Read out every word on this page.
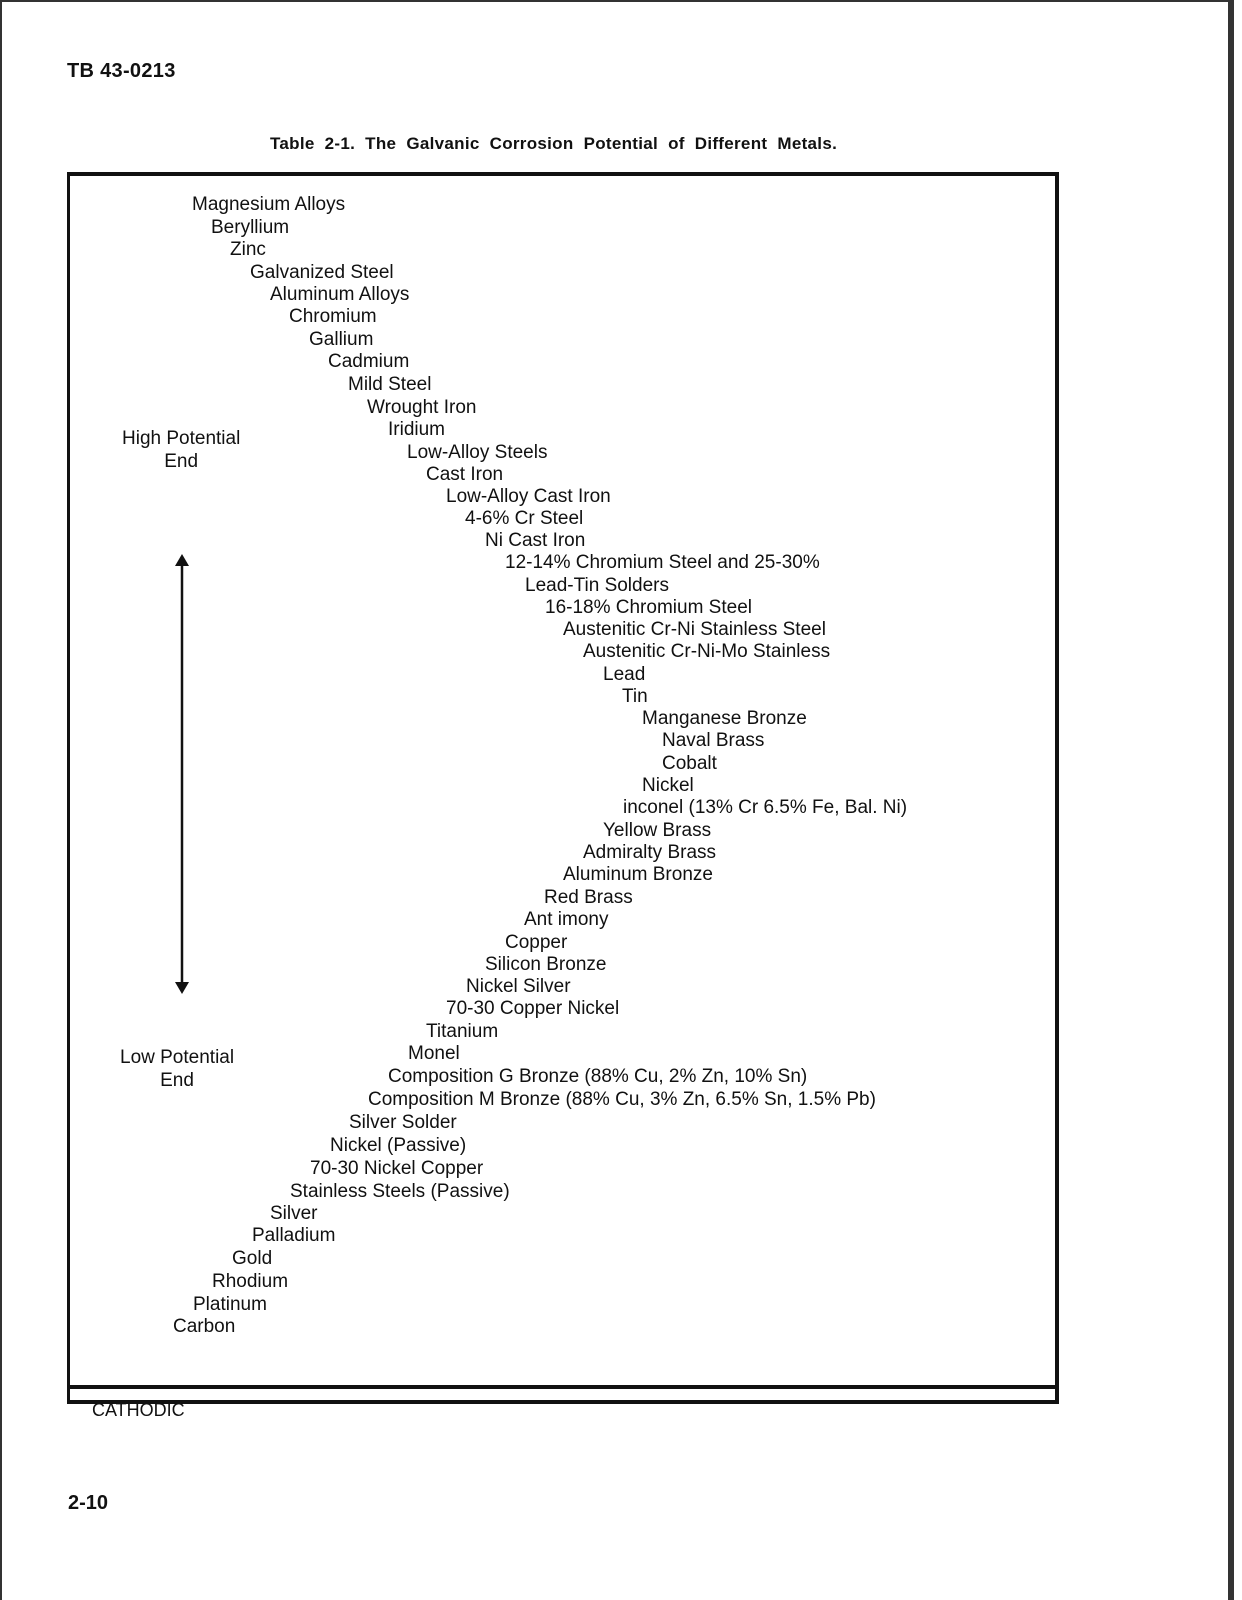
TB 43-0213
Table 2-1. The Galvanic Corrosion Potential of Different Metals.
High Potential
End
Low Potential
End
Magnesium Alloys
Beryllium
Zinc
Galvanized Steel
Aluminum Alloys
Chromium
Gallium
Cadmium
Mild Steel
Wrought Iron
Iridium
Low-Alloy Steels
Cast Iron
Low-Alloy Cast Iron
4-6% Cr Steel
Ni Cast Iron
12-14% Chromium Steel and 25-30%
Lead-Tin Solders
16-18% Chromium Steel
Austenitic Cr-Ni Stainless Steel
Austenitic Cr-Ni-Mo Stainless
Lead
Tin
Manganese Bronze
Naval Brass
Cobalt
Nickel
inconel (13% Cr 6.5% Fe, Bal. Ni)
Yellow Brass
Admiralty Brass
Aluminum Bronze
Red Brass
Ant imony
Copper
Silicon Bronze
Nickel Silver
70-30 Copper Nickel
Titanium
Monel
Composition G Bronze (88% Cu, 2% Zn, 10% Sn)
Composition M Bronze (88% Cu, 3% Zn, 6.5% Sn, 1.5% Pb)
Silver Solder
Nickel (Passive)
70-30 Nickel Copper
Stainless Steels (Passive)
Silver
Palladium
Gold
Rhodium
Platinum
Carbon
CATHODIC
2-10
